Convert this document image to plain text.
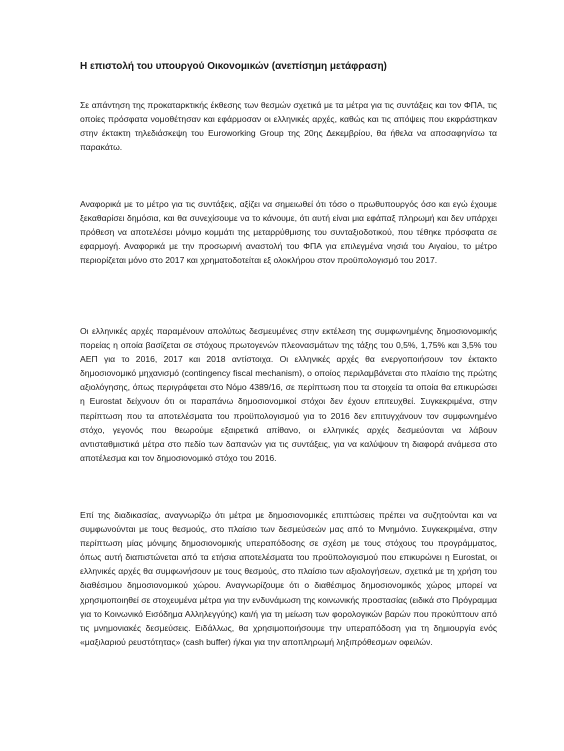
Η επιστολή του υπουργού Οικονομικών (ανεπίσημη μετάφραση)

Σε απάντηση της προκαταρκτικής έκθεσης των θεσμών σχετικά με τα μέτρα για τις συντάξεις και τον ΦΠΑ, τις οποίες πρόσφατα νομοθέτησαν και εφάρμοσαν οι ελληνικές αρχές, καθώς και τις απόψεις που εκφράστηκαν στην έκτακτη τηλεδιάσκεψη του Euroworking Group της 20ης Δεκεμβρίου, θα ήθελα να αποσαφηνίσω τα παρακάτω.

Αναφορικά με το μέτρο για τις συντάξεις, αξίζει να σημειωθεί ότι τόσο ο πρωθυπουργός όσο και εγώ έχουμε ξεκαθαρίσει δημόσια, και θα συνεχίσουμε να το κάνουμε, ότι αυτή είναι μια εφάπαξ πληρωμή και δεν υπάρχει πρόθεση να αποτελέσει μόνιμο κομμάτι της μεταρρύθμισης του συνταξιοδοτικού, που τέθηκε πρόσφατα σε εφαρμογή. Αναφορικά με την προσωρινή αναστολή του ΦΠΑ για επιλεγμένα νησιά του Αιγαίου, το μέτρο περιορίζεται μόνο στο 2017 και χρηματοδοτείται εξ ολοκλήρου στον προϋπολογισμό του 2017.

Οι ελληνικές αρχές παραμένουν απολύτως δεσμευμένες στην εκτέλεση της συμφωνημένης δημοσιονομικής πορείας η οποία βασίζεται σε στόχους πρωτογενών πλεονασμάτων της τάξης του 0,5%, 1,75% και 3,5% του ΑΕΠ για το 2016, 2017 και 2018 αντίστοιχα. Οι ελληνικές αρχές θα ενεργοποιήσουν τον έκτακτο δημοσιονομικό μηχανισμό (contingency fiscal mechanism), ο οποίος περιλαμβάνεται στο πλαίσιο της πρώτης αξιολόγησης, όπως περιγράφεται στο Νόμο 4389/16, σε περίπτωση που τα στοιχεία τα οποία θα επικυρώσει η Eurostat δείχνουν ότι οι παραπάνω δημοσιονομικοί στόχοι δεν έχουν επιτευχθεί. Συγκεκριμένα, στην περίπτωση που τα αποτελέσματα του προϋπολογισμού για το 2016 δεν επιτυγχάνουν τον συμφωνημένο στόχο, γεγονός που θεωρούμε εξαιρετικά απίθανο, οι ελληνικές αρχές δεσμεύονται να λάβουν αντισταθμιστικά μέτρα στο πεδίο των δαπανών για τις συντάξεις, για να καλύψουν τη διαφορά ανάμεσα στο αποτέλεσμα και τον δημοσιονομικό στόχο του 2016.

Επί της διαδικασίας, αναγνωρίζω ότι μέτρα με δημοσιονομικές επιπτώσεις πρέπει να συζητούνται και να συμφωνούνται με τους θεσμούς, στο πλαίσιο των δεσμεύσεών μας από το Μνημόνιο. Συγκεκριμένα, στην περίπτωση μίας μόνιμης δημοσιονομικής υπεραπόδοσης σε σχέση με τους στόχους του προγράμματος, όπως αυτή διαπιστώνεται από τα ετήσια αποτελέσματα του προϋπολογισμού που επικυρώνει η Eurostat, οι ελληνικές αρχές θα συμφωνήσουν με τους θεσμούς, στο πλαίσιο των αξιολογήσεων, σχετικά με τη χρήση του διαθέσιμου δημοσιονομικού χώρου. Αναγνωρίζουμε ότι ο διαθέσιμος δημοσιονομικός χώρος μπορεί να χρησιμοποιηθεί σε στοχευμένα μέτρα για την ενδυνάμωση της κοινωνικής προστασίας (ειδικά στο Πρόγραμμα για το Κοινωνικό Εισόδημα Αλληλεγγύης) και/ή για τη μείωση των φορολογικών βαρών που προκύπτουν από τις μνημονιακές δεσμεύσεις. Ειδάλλως, θα χρησιμοποιήσουμε την υπεραπόδοση για τη δημιουργία ενός «μαξιλαριού ρευστότητας» (cash buffer) ή/και για την αποπληρωμή ληξιπρόθεσμων οφειλών.
